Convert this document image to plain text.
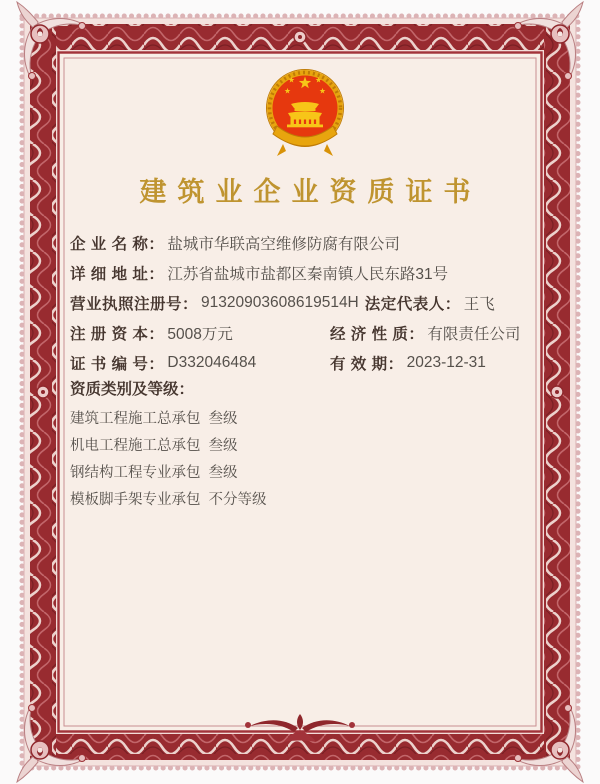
建筑业企业资质证书
企 业 名 称： 盐城市华联高空维修防腐有限公司
详 细 地 址： 江苏省盐城市盐都区秦南镇人民东路31号
营业执照注册号： 91320903608619514H 法定代表人： 王飞
注 册 资 本： 5008万元	经 济 性 质： 有限责任公司
证 书 编 号： D332046484	有 效 期： 2023-12-31
资质类别及等级：
建筑工程施工总承包 叁级
机电工程施工总承包 叁级
钢结构工程专业承包 叁级
模板脚手架专业承包 不分等级
